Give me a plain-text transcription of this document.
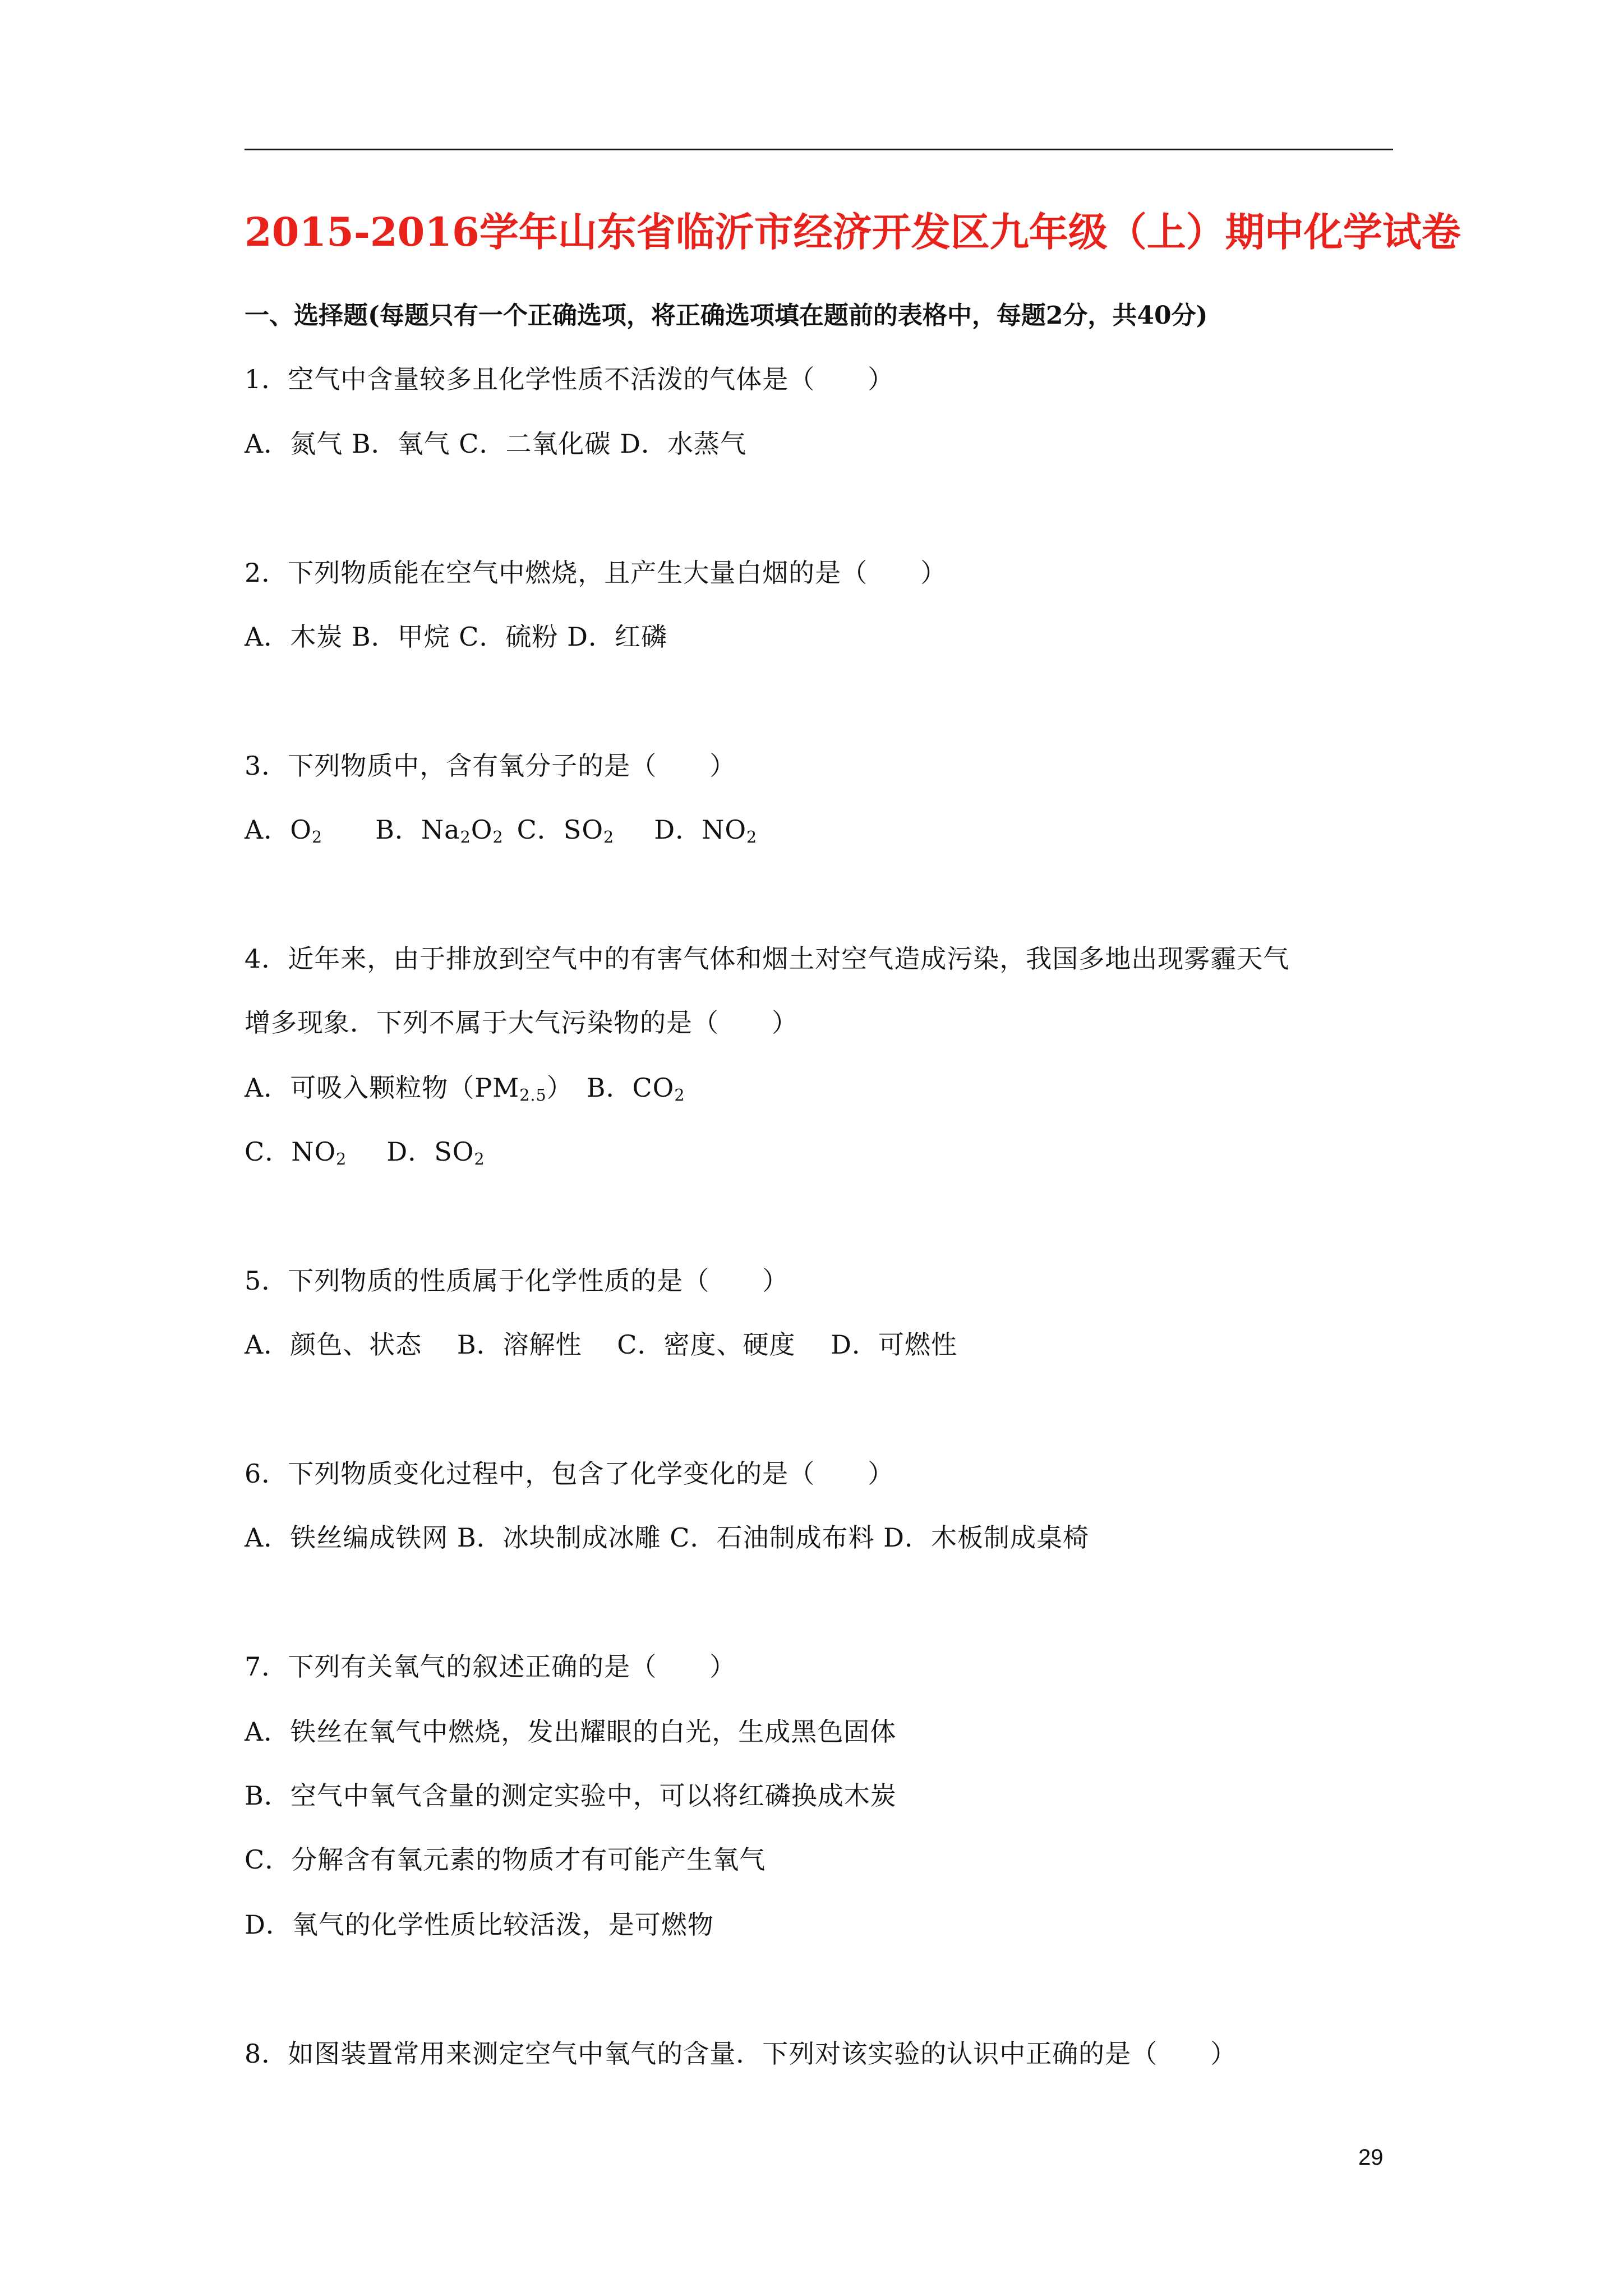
2015-2016学年山东省临沂市经济开发区九年级（上）期中化学试卷
一、选择题(每题只有一个正确选项，将正确选项填在题前的表格中，每题2分，共40分)
1．空气中含量较多且化学性质不活泼的气体是（　　）
A．氮气 B．氧气 C．二氧化碳 D．水蒸气
2．下列物质能在空气中燃烧，且产生大量白烟的是（　　）
A．木炭 B．甲烷 C．硫粉 D．红磷
3．下列物质中，含有氧分子的是（　　）
A．$O_2$   B．$Na_2O_2$  C．$SO_2$   D．$NO_2$
4．近年来，由于排放到空气中的有害气体和烟土对空气造成污染，我国多地出现雾霾天气
增多现象．下列不属于大气污染物的是（　　）
A．可吸入颗粒物$(PM_{2.5})$  B．$CO_2$
C．$NO_2$   D．$SO_2$
5．下列物质的性质属于化学性质的是（　　）
A．颜色、状态　 B．溶解性　 C．密度、硬度　 D．可燃性
6．下列物质变化过程中，包含了化学变化的是（　　）
A．铁丝编成铁网 B．冰块制成冰雕 C．石油制成布料 D．木板制成桌椅
7．下列有关氧气的叙述正确的是（　　）
A．铁丝在氧气中燃烧，发出耀眼的白光，生成黑色固体
B．空气中氧气含量的测定实验中，可以将红磷换成木炭
C．分解含有氧元素的物质才有可能产生氧气
D．氧气的化学性质比较活泼，是可燃物
8．如图装置常用来测定空气中氧气的含量．下列对该实验的认识中正确的是（　　）
29
